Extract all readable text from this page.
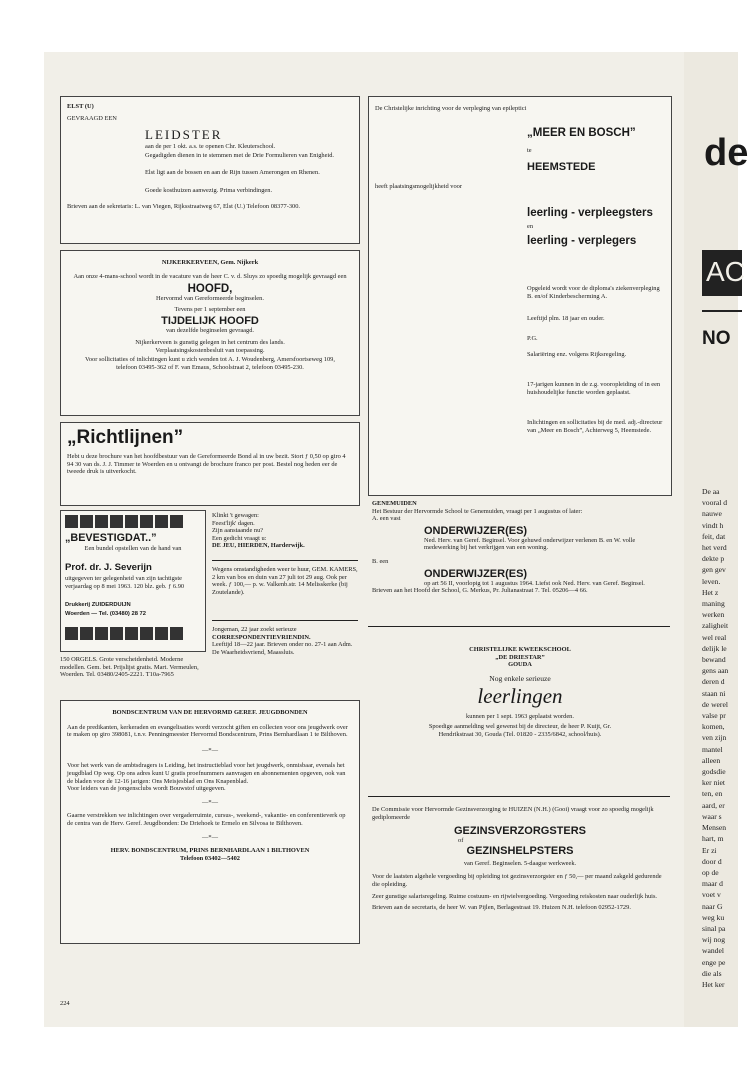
ELST (U)
GEVRAAGD EEN
LEIDSTER
aan de per 1 okt. a.s. te openen Chr. Kleuterschool.
Gegadigden dienen in te stemmen met de Drie Formulieren van Enigheid.
Elst ligt aan de bossen en aan de Rijn tussen Amerongen en Rhenen.
Goede kosthuizen aanwezig. Prima verbindingen.
Brieven aan de sekretaris: L. van Viegen, Rijksstraatweg 67, Elst (U.) Telefoon 08377-300.
NIJKERKERVEEN, Gem. Nijkerk
Aan onze 4-mans-school wordt in de vacature van de heer C. v. d. Sluys zo spoedig mogelijk gevraagd een
HOOFD,
Hervormd van Gereformeerde beginselen.
Tevens per 1 september een
TIJDELIJK HOOFD
van dezelfde beginselen gevraagd.
Nijkerkerveen is gunstig gelegen in het centrum des lands.
Verplaatsingskostenbesluit van toepassing.
Voor sollicitaties of inlichtingen kunt u zich wenden tot A. J. Woudenberg, Amersfoortseweg 109, telefoon 03495-362 of F. van Emaus, Schoolstraat 2, telefoon 03495-230.
„Richtlijnen”
Hebt u deze brochure van het hoofdbestuur van de Gereformeerde Bond al in uw bezit. Stort ƒ 0,50 op giro 4 94 30 van ds. J. J. Timmer te Woerden en u ontvangt de brochure franco per post. Bestel nog heden eer de tweede druk is uitverkocht.
„BEVESTIGDAT..”
Een bundel opstellen van de hand van
Prof. dr. J. Severijn
uitgegeven ter gelegenheid van zijn tachtigste verjaardag op 8 mei 1963. 120 blz. geb. ƒ 6.90
Drukkerij ZUIDERDUIJN
Woerden — Tel. (03480) 28 72
150 ORGELS. Grote verscheidenheid. Moderne modellen. Gem. bet. Prijslijst gratis. Mart. Vermeulen, Woerden. Tel. 03480/2405-2221. T10a-7965
Klinkt 't gewagen:
Feest'lijk' dagen.
Zijn aanstaande nu?
Een gedicht vraagt u:
DE JEU, HIERDEN, Harderwijk.
Wegens omstandigheden weer te huur, GEM. KAMERS, 2 km van bos en duin van 27 juli tot 29 aug. Ook per week. ƒ 100,— p. w. Valkenb.str. 14 Melisskerke (bij Zoutelande).
Jongeman, 22 jaar zoekt serieuze
CORRESPONDENTIEVRIENDIN.
Leeftijd 18—22 jaar. Brieven onder no. 27-1 aan Adm. De Waarheidsvriend, Maassluis.
BONDSCENTRUM VAN DE HERVORMD GEREF. JEUGDBONDEN
Aan de predikanten, kerkeraden en evangelisaties wordt verzocht giften en collecten voor ons jeugdwerk over te maken op giro 398081, t.n.v. Penningmeester Hervormd Bondscentrum, Prins Bernhardlaan 1 te Bilthoven.
—*—
Voor het werk van de ambtsdragers is Leiding, het instructieblad voor het jeugdwerk, onmisbaar, evenals het jeugdblad Op weg. Op ons adres kunt U gratis proefnummers aanvragen en abonnementen opgeven, ook van de bladen voor de 12-16 jarigen: Ons Meisjesblad en Ons Knapenblad.
Voor leiders van de jongensclubs wordt Bouwstof uitgegeven.
—*—
Gaarne verstrekken we inlichtingen over vergaderruimte, cursus-, weekend-, vakantie- en conferentieverk op de centra van de Herv. Geref. Jeugdbonden: De Driehoek te Ermelo en Silvosa te Bilthoven.
—*—
HERV. BONDSCENTRUM, PRINS BERNHARDLAAN 1 BILTHOVEN
Telefoon 03402—5402
224
De Christelijke inrichting voor de verpleging van epileptici
„MEER EN BOSCH”
te
HEEMSTEDE
heeft plaatsingsmogelijkheid voor
leerling - verpleegsters
en
leerling - verplegers
Opgeleid wordt voor de diploma's ziekenverpleging B. en/of Kinderbescherming A.
Leeftijd plm. 18 jaar en ouder.
P.G.
Salariëring enz. volgens Rijksregeling.
17-jarigen kunnen in de z.g. vooropleiding of in een huishoudelijke functie worden geplaatst.
Inlichtingen en sollicitaties bij de med. adj.-directeur van „Meer en Bosch”, Achterweg 5, Heemstede.
GENEMUIDEN
Het Bestuur der Hervormde School te Genemuiden, vraagt per 1 augustus of later:
A. een vast
ONDERWIJZER(ES)
Ned. Herv. van Geref. Beginsel. Voor gehuwd onderwijzer verlenen B. en W. volle medewerking bij het verkrijgen van een woning.
B. een
ONDERWIJZER(ES)
op art 56 II, voorlopig tot 1 augustus 1964. Liefst ook Ned. Herv. van Geref. Beginsel.
Brieven aan het Hoofd der School, G. Merkus, Pr. Julianastraat 7. Tel. 05206—4 66.
CHRISTELIJKE KWEEKSCHOOL
„DE DRIESTAR”
GOUDA
Nog enkele serieuze
leerlingen
kunnen per 1 sept. 1963 geplaatst worden.
Spoedige aanmelding wel gewenst bij de directeur, de heer P. Kuijt, Gr. Hendrikstraat 30, Gouda (Tel. 01820 - 2335/6842, school/huis).
De Commissie voor Hervormde Gezinsverzorging te HUIZEN (N.H.) (Gooi) vraagt voor zo spoedig mogelijk gediplomeerde
GEZINSVERZORGSTERS
of
GEZINSHELPSTERS
van Geref. Beginselen. 5-daagse werkweek.
Voor de laatsten algehele vergoeding bij opleiding tot gezinsverzorgster en ƒ 50,— per maand zakgeld gedurende die opleiding.
Zeer gunstige salarisregeling. Ruime costuum- en rijwielvergoeding. Vergoeding reiskosten naar ouderlijk huis.
Brieven aan de secretaris, de heer W. van Pijlen, Berlagestraat 19. Huizen N.H. telefoon 02952-1729.
de
AC
NO
De aa
vooral d
nauwe
vindt h
feit, dat
het verd
dekte p
gen gev
leven.
Het z
maning
werken
zaligheit
wel real
delijk le
bewand
gens aan
deren d
staan ni
de werel
valse pr
komen,
ven zijn
mantel
alleen
godsdie
ker niet
ten, en
aard, er
waar s
Mensen
hart, m
Er zi
door d
op de
maar d
voet v
naar G
weg ku
sinal pa
wij nog
wandel
enge pe
die als
Het ker
